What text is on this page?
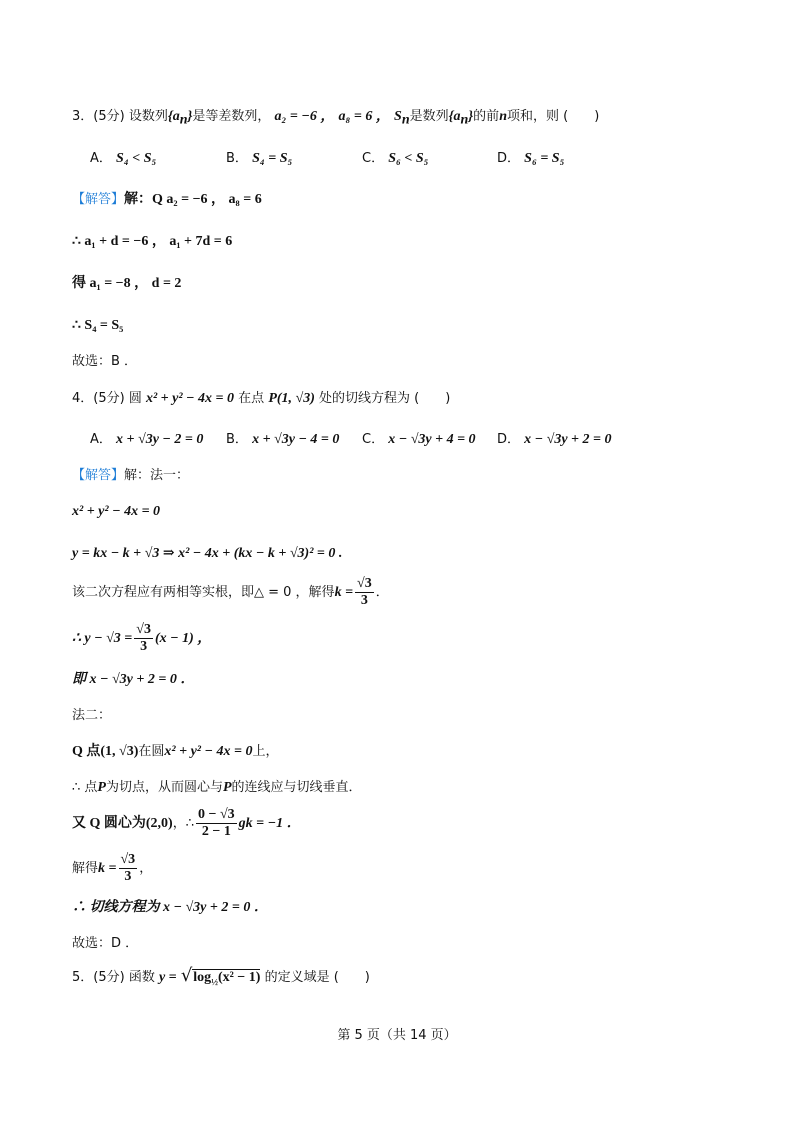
3．(5分) 设数列$\{a_n\}$是等差数列， a₂ = −6 ， a₈ = 6 ， $S_n$是数列$\{a_n\}$的前n项和，则 (　　)
A． S₄ < S₅	B． S₄ = S₅	C． S₆ < S₅	D． S₆ = S₅
【解答】解：Q a₂ = −6 ， a₈ = 6
∴ a₁ + d = −6 ， a₁ + 7d = 6
得 a₁ = −8 ， d = 2
∴ S₄ = S₅
故选：B ．
4．(5分) 圆 x² + y² − 4x = 0 在点 P(1, √3) 处的切线方程为 (　　)
A． x + √3y − 2 = 0 B． x + √3y − 4 = 0 C． x − √3y + 4 = 0 D． x − √3y + 2 = 0
【解答】解：法一：
x² + y² − 4x = 0
y = kx − k + √3 ⇒ x² − 4x + (kx − k + √3)² = 0 .
该二次方程应有两相等实根，即△ = 0 ，解得$k = \frac{√3}{3}$ ．
∴ $y - √3 = \frac{√3}{3} (x - 1)$ ，
即 x − √3y + 2 = 0 ．
法二：
Q 点(1, √3)在圆x² + y² − 4x = 0上，
∴ 点P为切点，从而圆心与P的连线应与切线垂直．
又 Q 圆心为(2,0)，∴ $\frac{0 - √3}{2 - 1}$ gk = −1 ．
解得$k = \frac{√3}{3}$ ，
∴ 切线方程为 x − √3y + 2 = 0 ．
故选：D ．
5．(5分) 函数 $y = √\log_{\frac{1}{2}}(x^2 - 1)$ 的定义域是 (　　)
第 5 页（共 14 页）
